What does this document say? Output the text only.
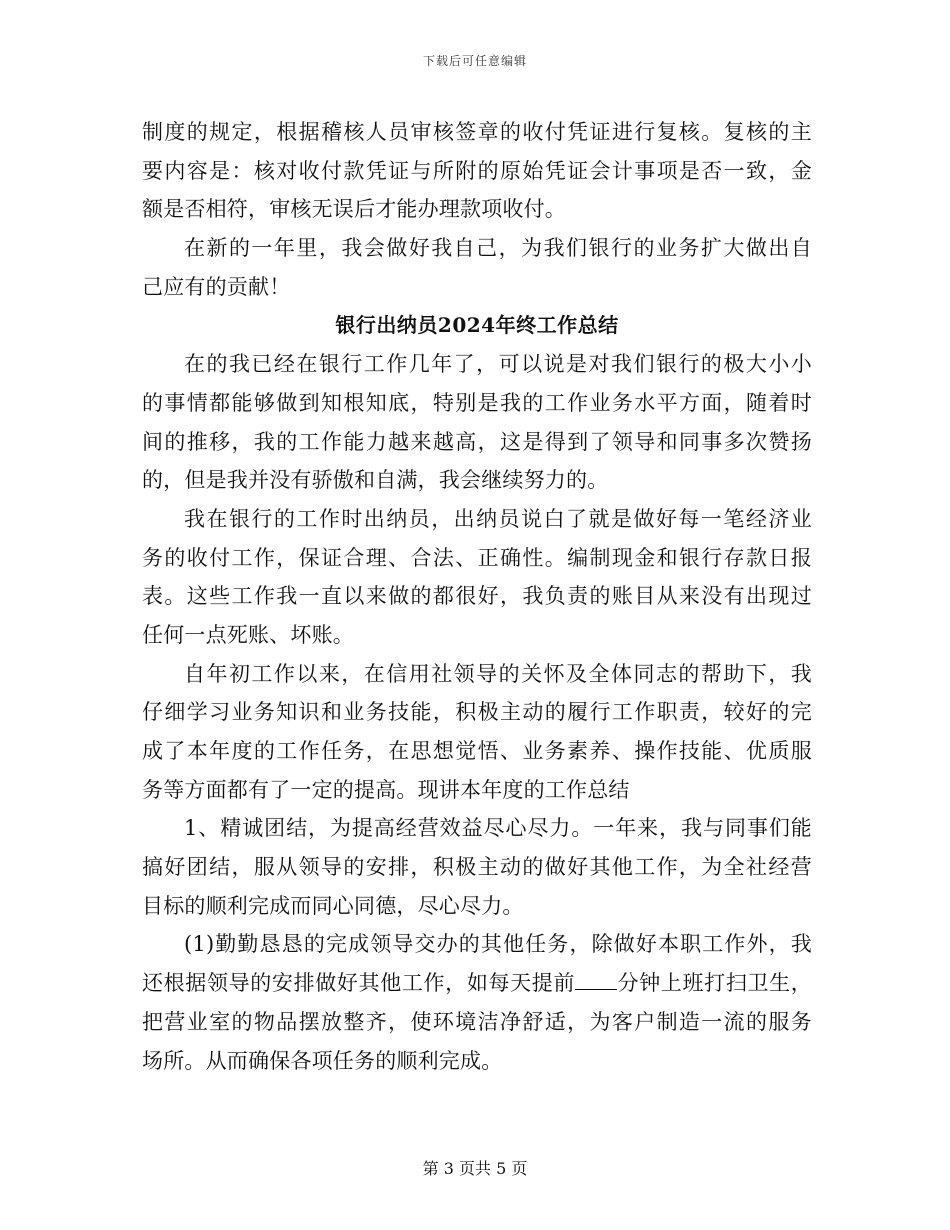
下载后可任意编辑
制度的规定，根据稽核人员审核签章的收付凭证进行复核。复核的主
要内容是：核对收付款凭证与所附的原始凭证会计事项是否一致，金
额是否相符，审核无误后才能办理款项收付。
在新的一年里，我会做好我自己，为我们银行的业务扩大做出自
己应有的贡献！
银行出纳员2024年终工作总结
在的我已经在银行工作几年了，可以说是对我们银行的极大小小
的事情都能够做到知根知底，特别是我的工作业务水平方面，随着时
间的推移，我的工作能力越来越高，这是得到了领导和同事多次赞扬
的，但是我并没有骄傲和自满，我会继续努力的。
我在银行的工作时出纳员，出纳员说白了就是做好每一笔经济业
务的收付工作，保证合理、合法、正确性。编制现金和银行存款日报
表。这些工作我一直以来做的都很好，我负责的账目从来没有出现过
任何一点死账、坏账。
自年初工作以来，在信用社领导的关怀及全体同志的帮助下，我
仔细学习业务知识和业务技能，积极主动的履行工作职责，较好的完
成了本年度的工作任务，在思想觉悟、业务素养、操作技能、优质服
务等方面都有了一定的提高。现讲本年度的工作总结
1、精诚团结，为提高经营效益尽心尽力。一年来，我与同事们能
搞好团结，服从领导的安排，积极主动的做好其他工作，为全社经营
目标的顺利完成而同心同德，尽心尽力。
(1)勤勤恳恳的完成领导交办的其他任务，除做好本职工作外，我
还根据领导的安排做好其他工作，如每天提前 分钟上班打扫卫生，
把营业室的物品摆放整齐，使环境洁净舒适，为客户制造一流的服务
场所。从而确保各项任务的顺利完成。
第 3 页共 5 页
